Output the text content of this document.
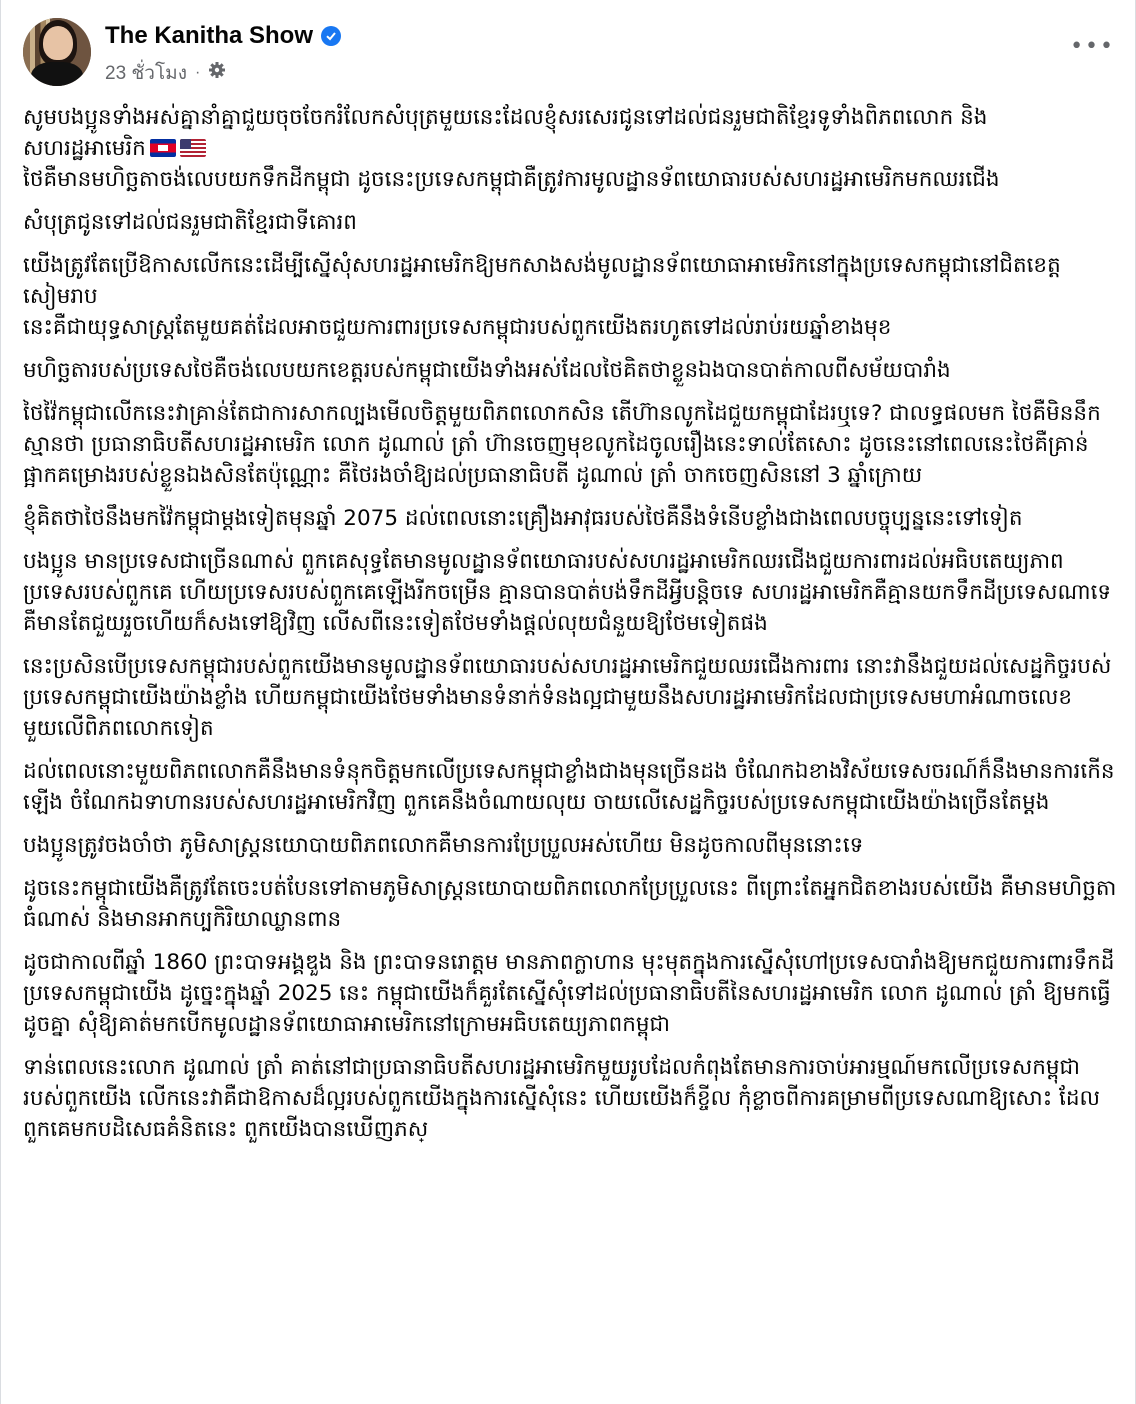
The Kanitha Show
23 ชั่วโมง ·
•••

សូមបងប្អូនទាំងអស់គ្នានាំគ្នាជួយចុចចែករំលែកសំបុត្រមួយនេះដែលខ្ញុំសរសេរជូនទៅដល់ជនរួមជាតិខ្មែរទូទាំងពិភពលោក និង សហរដ្ឋអាមេរិក
ថៃគឺមានមហិច្ឆតាចង់លេបយកទឹកដីកម្ពុជា ដូចនេះប្រទេសកម្ពុជាគឺត្រូវការមូលដ្ឋានទ័ពយោធារបស់សហរដ្ឋអាមេរិកមកឈរជើង

សំបុត្រជូនទៅដល់ជនរួមជាតិខ្មែរជាទីគោរព

យើងត្រូវតែប្រើឱកាសលើកនេះដើម្បីស្នើសុំសហរដ្ឋអាមេរិកឱ្យមកសាងសង់មូលដ្ឋានទ័ពយោធាអាមេរិកនៅក្នុងប្រទេសកម្ពុជានៅជិតខេត្តសៀមរាប
នេះគឺជាយុទ្ធសាស្ត្រតែមួយគត់ដែលអាចជួយការពារប្រទេសកម្ពុជារបស់ពួកយើងតរហូតទៅដល់រាប់រយឆ្នាំខាងមុខ

មហិច្ឆតារបស់ប្រទេសថៃគឺចង់លេបយកខេត្តរបស់កម្ពុជាយើងទាំងអស់ដែលថៃគិតថាខ្លួនឯងបានបាត់កាលពីសម័យបារាំង

ថៃវ៉ៃកម្ពុជាលើកនេះវាគ្រាន់តែជាការសាកល្បងមើលចិត្តមួយពិភពលោកសិន តើហ៊ានលូកដៃជួយកម្ពុជាដែរឬទេ? ជាលទ្ធផលមក ថៃគឺមិននឹកស្មានថា ប្រធានាធិបតីសហរដ្ឋអាមេរិក លោក ដូណាល់ ត្រាំ ហ៊ានចេញមុខលូកដៃចូលរឿងនេះទាល់តែសោះ ដូចនេះនៅពេលនេះថៃគឺគ្រាន់ផ្អាកគម្រោងរបស់ខ្លួនឯងសិនតែប៉ុណ្ណោះ គឺថៃរងចាំឱ្យដល់ប្រធានាធិបតី ដូណាល់ ត្រាំ ចាកចេញសិននៅ 3 ឆ្នាំក្រោយ

ខ្ញុំគិតថាថៃនឹងមកវ៉ៃកម្ពុជាម្តងទៀតមុនឆ្នាំ 2075 ដល់ពេលនោះគ្រឿងអាវុធរបស់ថៃគឺនឹងទំនើបខ្លាំងជាងពេលបច្ចុប្បន្ននេះទៅទៀត

បងប្អូន មានប្រទេសជាច្រើនណាស់ ពួកគេសុទ្ធតែមានមូលដ្ឋានទ័ពយោធារបស់សហរដ្ឋអាមេរិកឈរជើងជួយការពារដល់អធិបតេយ្យភាពប្រទេសរបស់ពួកគេ ហើយប្រទេសរបស់ពួកគេឡើងរីកចម្រើន គ្មានបានបាត់បង់ទឹកដីអ្វីបន្តិចទេ សហរដ្ឋអាមេរិកគឺគ្មានយកទឹកដីប្រទេសណាទេ គឺមានតែជួយរួចហើយក៏សងទៅឱ្យវិញ លើសពីនេះទៀតថែមទាំងផ្តល់លុយជំនួយឱ្យថែមទៀតផង

នេះប្រសិនបើប្រទេសកម្ពុជារបស់ពួកយើងមានមូលដ្ឋានទ័ពយោធារបស់សហរដ្ឋអាមេរិកជួយឈរជើងការពារ នោះវានឹងជួយដល់សេដ្ឋកិច្ចរបស់ប្រទេសកម្ពុជាយើងយ៉ាងខ្លាំង ហើយកម្ពុជាយើងថែមទាំងមានទំនាក់ទំនងល្អជាមួយនឹងសហរដ្ឋអាមេរិកដែលជាប្រទេសមហាអំណាចលេខមួយលើពិភពលោកទៀត

ដល់ពេលនោះមួយពិភពលោកគឺនឹងមានទំនុកចិត្តមកលើប្រទេសកម្ពុជាខ្លាំងជាងមុនច្រើនដង ចំណែកឯខាងវិស័យទេសចរណ៍ក៏នឹងមានការកើនឡើង ចំណែកឯទាហានរបស់សហរដ្ឋអាមេរិកវិញ ពួកគេនឹងចំណាយលុយ ចាយលើសេដ្ឋកិច្ចរបស់ប្រទេសកម្ពុជាយើងយ៉ាងច្រើនតែម្តង

បងប្អូនត្រូវចងចាំថា ភូមិសាស្ត្រនយោបាយពិភពលោកគឺមានការប្រែប្រួលអស់ហើយ មិនដូចកាលពីមុននោះទេ

ដូចនេះកម្ពុជាយើងគឺត្រូវតែចេះបត់បែនទៅតាមភូមិសាស្ត្រនយោបាយពិភពលោកប្រែប្រួលនេះ ពីព្រោះតែអ្នកជិតខាងរបស់យើង គឺមានមហិច្ឆតាធំណាស់ និងមានអាកប្បកិរិយាឈ្លានពាន

ដូចជាកាលពីឆ្នាំ 1860 ព្រះបាទអង្គឌួង និង ព្រះបាទនរោត្តម មានភាពក្លាហាន មុះមុតក្នុងការស្នើសុំហៅប្រទេសបារាំងឱ្យមកជួយការពារទឹកដីប្រទេសកម្ពុជាយើង ដូច្នេះក្នុងឆ្នាំ 2025 នេះ កម្ពុជាយើងក៏គួរតែស្នើសុំទៅដល់ប្រធានាធិបតីនៃសហរដ្ឋអាមេរិក លោក ដូណាល់ ត្រាំ ឱ្យមកធ្វើដូចគ្នា សុំឱ្យគាត់មកបើកមូលដ្ឋានទ័ពយោធាអាមេរិកនៅក្រោមអធិបតេយ្យភាពកម្ពុជា

ទាន់ពេលនេះលោក ដូណាល់ ត្រាំ គាត់នៅជាប្រធានាធិបតីសហរដ្ឋអាមេរិកមួយរូបដែលកំពុងតែមានការចាប់អារម្មណ៍មកលើប្រទេសកម្ពុជារបស់ពួកយើង លើកនេះវាគឺជាឱកាសដ៏ល្អរបស់ពួកយើងក្នុងការស្នើសុំនេះ ហើយយើងក៏ខ្ចីល កុំខ្លាចពីការគម្រាមពីប្រទេសណាឱ្យសោះ ដែលពួកគេមកបដិសេធគំនិតនេះ ពួកយើងបានឃើញភស្
